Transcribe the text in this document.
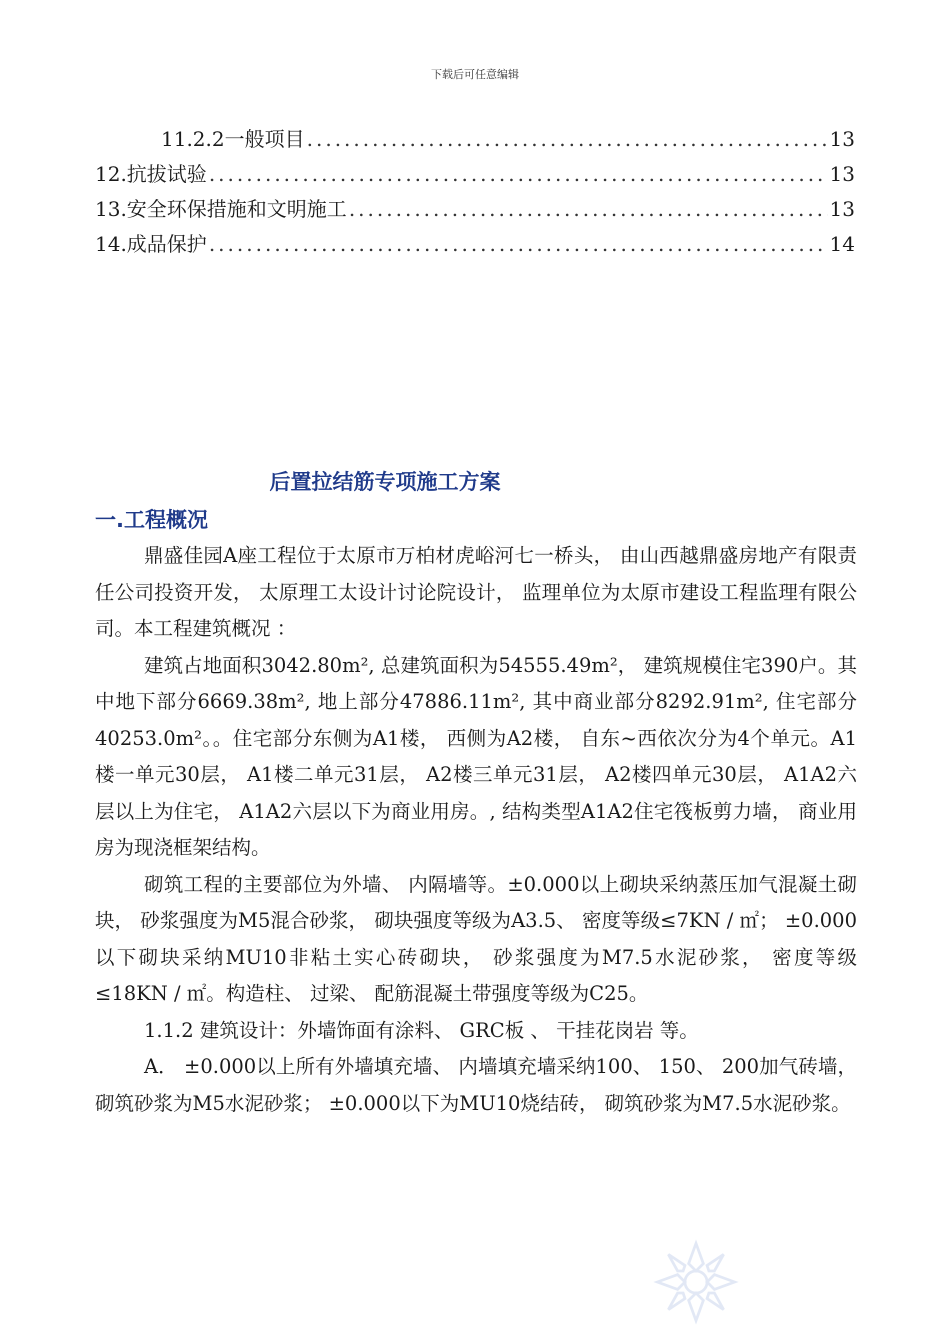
下载后可任意编辑
11.2.2一般项目 .....	13
12.抗拔试验 .....	13
13.安全环保措施和文明施工 .....	13
14.成品保护 .....	14
后置拉结筋专项施工方案
一.工程概况

鼎盛佳园A座工程位于太原市万柏材虎峪河七一桥头， 由山西越鼎盛房地产有限责任公司投资开发， 太原理工太设计讨论院设计， 监理单位为太原市建设工程监理有限公司。本工程建筑概况 ：

建筑占地面积3042.80m², 总建筑面积为54555.49m²， 建筑规模住宅390户。其中地下部分6669.38m², 地上部分47886.11m², 其中商业部分8292.91m², 住宅部分40253.0m²。。住宅部分东侧为A1楼， 西侧为A2楼， 自东~西依次分为4个单元。A1楼一单元30层， A1楼二单元31层， A2楼三单元31层， A2楼四单元30层， A1A2六层以上为住宅， A1A2六层以下为商业用房。, 结构类型A1A2住宅筏板剪力墙， 商业用房为现浇框架结构。

砌筑工程的主要部位为外墙、 内隔墙等。±0.000以上砌块采纳蒸压加气混凝土砌块， 砂浆强度为M5混合砂浆， 砌块强度等级为A3.5、 密度等级≤7KN / ㎡； ±0.000以下砌块采纳MU10非粘土实心砖砌块， 砂浆强度为M7.5水泥砂浆， 密度等级≤18KN / ㎡。构造柱、 过梁、 配筋混凝土带强度等级为C25。

1.1.2 建筑设计：外墙饰面有涂料、 GRC板 、 干挂花岗岩 等。

A． ±0.000以上所有外墙填充墙、 内墙填充墙采纳100、 150、 200加气砖墙， 砌筑砂浆为M5水泥砂浆； ±0.000以下为MU10烧结砖， 砌筑砂浆为M7.5水泥砂浆。
